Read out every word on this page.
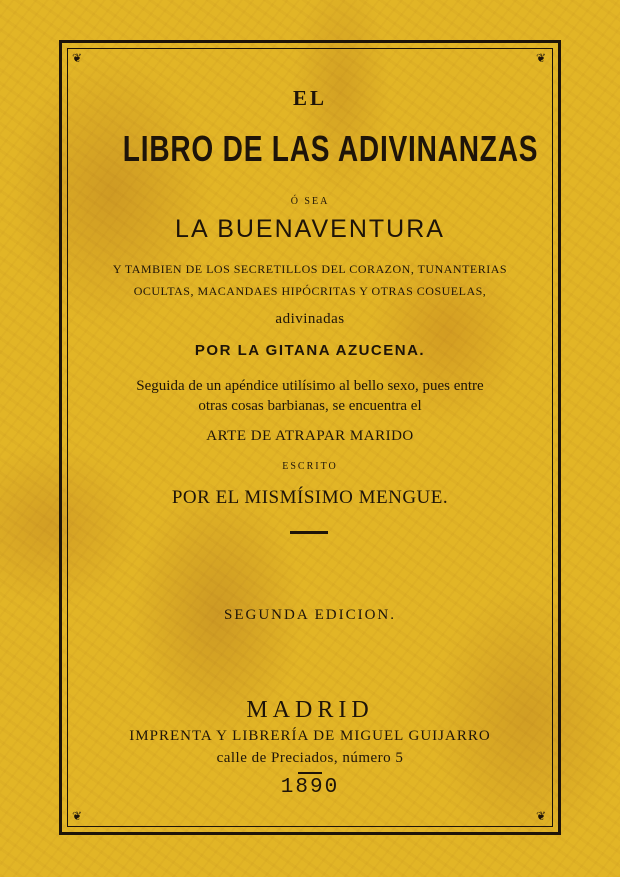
❦	❦
❦	❦
EL
LIBRO DE LAS ADIVINANZAS
Ó SEA
LA BUENAVENTURA
Y TAMBIEN DE LOS SECRETILLOS DEL CORAZON, TUNANTERIAS
OCULTAS, MACANDAES HIPÓCRITAS Y OTRAS COSUELAS,
adivinadas
POR LA GITANA AZUCENA.
Seguida de un apéndice utilísimo al bello sexo, pues entre
otras cosas barbianas, se encuentra el
ARTE DE ATRAPAR MARIDO
ESCRITO
POR EL MISMÍSIMO MENGUE.
SEGUNDA EDICION.
MADRID
IMPRENTA Y LIBRERÍA DE MIGUEL GUIJARRO
calle de Preciados, número 5
1890
